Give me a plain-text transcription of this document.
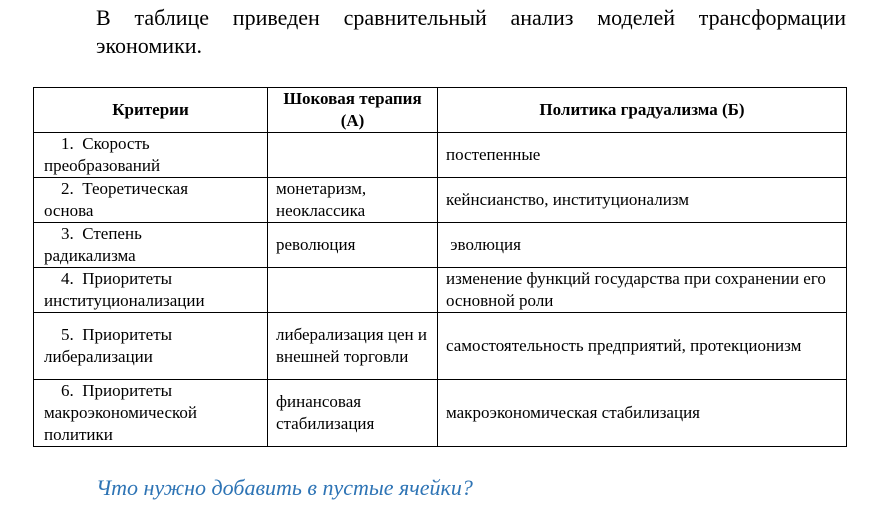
В таблице приведен сравнительный анализ моделей трансформации экономики.

Критерии	Шоковая терапия (А)	Политика градуализма (Б)
1. Скорость
преобразований		постепенные
2. Теоретическая
основа	монетаризм, неоклассика	кейнсианство, институционализм
3. Степень
радикализма	революция	эволюция
4. Приоритеты
институционализации		изменение функций государства при сохранении его основной роли
5. Приоритеты
либерализации	либерализация цен и внешней торговли	самостоятельность предприятий, протекционизм
6. Приоритеты
макроэкономической политики	финансовая стабилизация	макроэкономическая стабилизация

Что нужно добавить в пустые ячейки?
